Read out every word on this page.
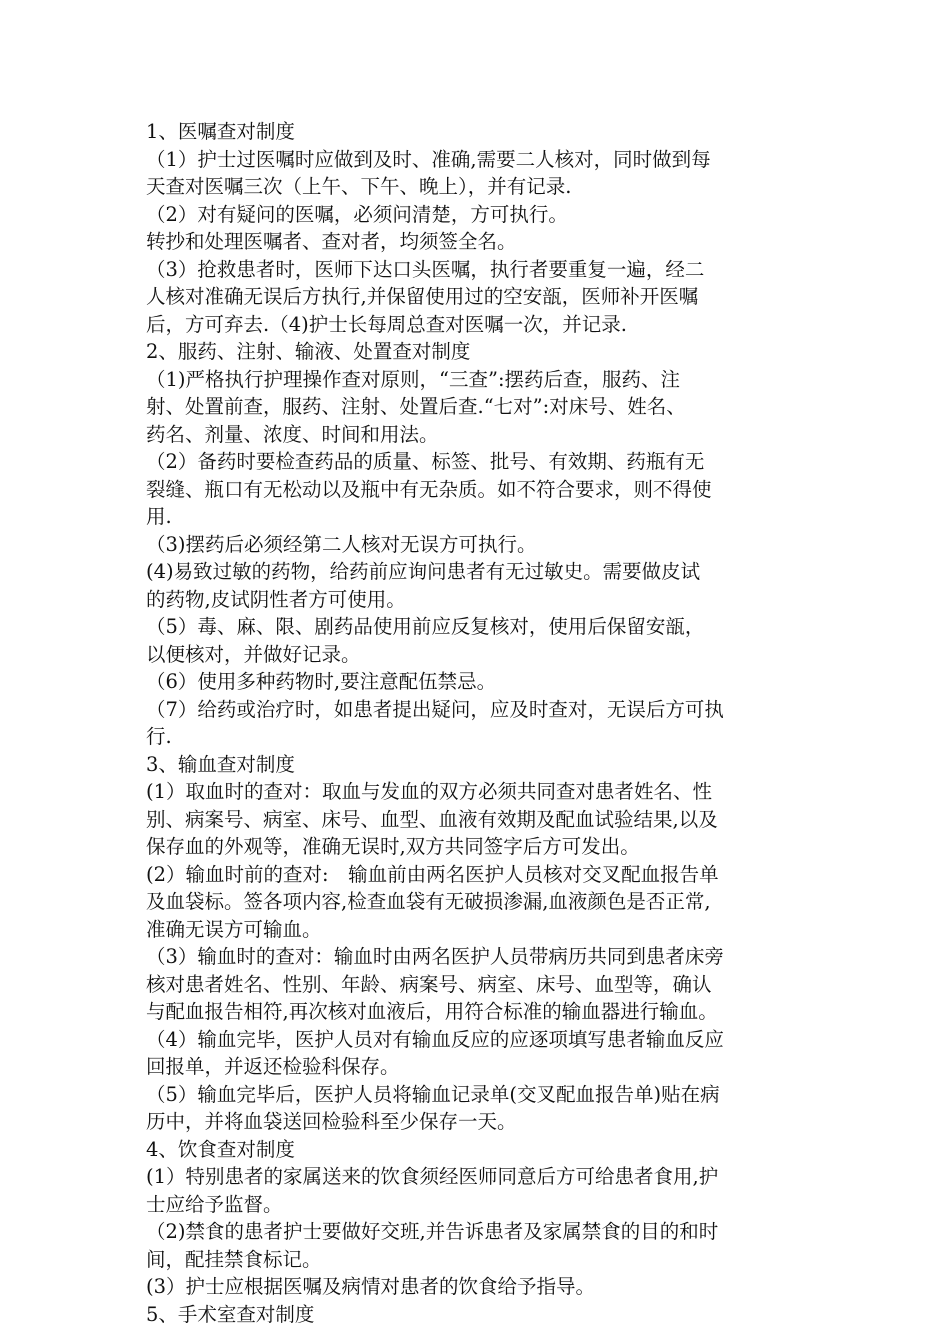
1、医嘱查对制度
（1）护士过医嘱时应做到及时、准确,需要二人核对，同时做到每
天查对医嘱三次（上午、下午、晚上），并有记录.
（2）对有疑问的医嘱，必须问清楚，方可执行。
转抄和处理医嘱者、查对者，均须签全名。
（3）抢救患者时，医师下达口头医嘱，执行者要重复一遍，经二
人核对准确无误后方执行,并保留使用过的空安瓿，医师补开医嘱
后，方可弃去.（4)护士长每周总查对医嘱一次，并记录.
2、服药、注射、输液、处置查对制度
（1)严格执行护理操作查对原则，“三查”:摆药后查，服药、注
射、处置前查，服药、注射、处置后查.“七对”:对床号、姓名、
药名、剂量、浓度、时间和用法。
（2）备药时要检查药品的质量、标签、批号、有效期、药瓶有无
裂缝、瓶口有无松动以及瓶中有无杂质。如不符合要求，则不得使
用.
（3)摆药后必须经第二人核对无误方可执行。
(4)易致过敏的药物，给药前应询问患者有无过敏史。需要做皮试
的药物,皮试阴性者方可使用。
（5）毒、麻、限、剧药品使用前应反复核对，使用后保留安瓿，
以便核对，并做好记录。
（6）使用多种药物时,要注意配伍禁忌。
（7）给药或治疗时，如患者提出疑问，应及时查对，无误后方可执
行.
3、输血查对制度
(1）取血时的查对：取血与发血的双方必须共同查对患者姓名、性
别、病案号、病室、床号、血型、血液有效期及配血试验结果,以及
保存血的外观等，准确无误时,双方共同签字后方可发出。
(2）输血时前的查对:　输血前由两名医护人员核对交叉配血报告单
及血袋标。签各项内容,检查血袋有无破损渗漏,血液颜色是否正常,
准确无误方可输血。
（3）输血时的查对：输血时由两名医护人员带病历共同到患者床旁
核对患者姓名、性别、年龄、病案号、病室、床号、血型等，确认
与配血报告相符,再次核对血液后，用符合标准的输血器进行输血。
（4）输血完毕，医护人员对有输血反应的应逐项填写患者输血反应
回报单，并返还检验科保存。
（5）输血完毕后，医护人员将输血记录单(交叉配血报告单)贴在病
历中，并将血袋送回检验科至少保存一天。
4、饮食查对制度
(1）特别患者的家属送来的饮食须经医师同意后方可给患者食用,护
士应给予监督。
（2)禁食的患者护士要做好交班,并告诉患者及家属禁食的目的和时
间，配挂禁食标记。
(3）护士应根据医嘱及病情对患者的饮食给予指导。
5、手术室查对制度
